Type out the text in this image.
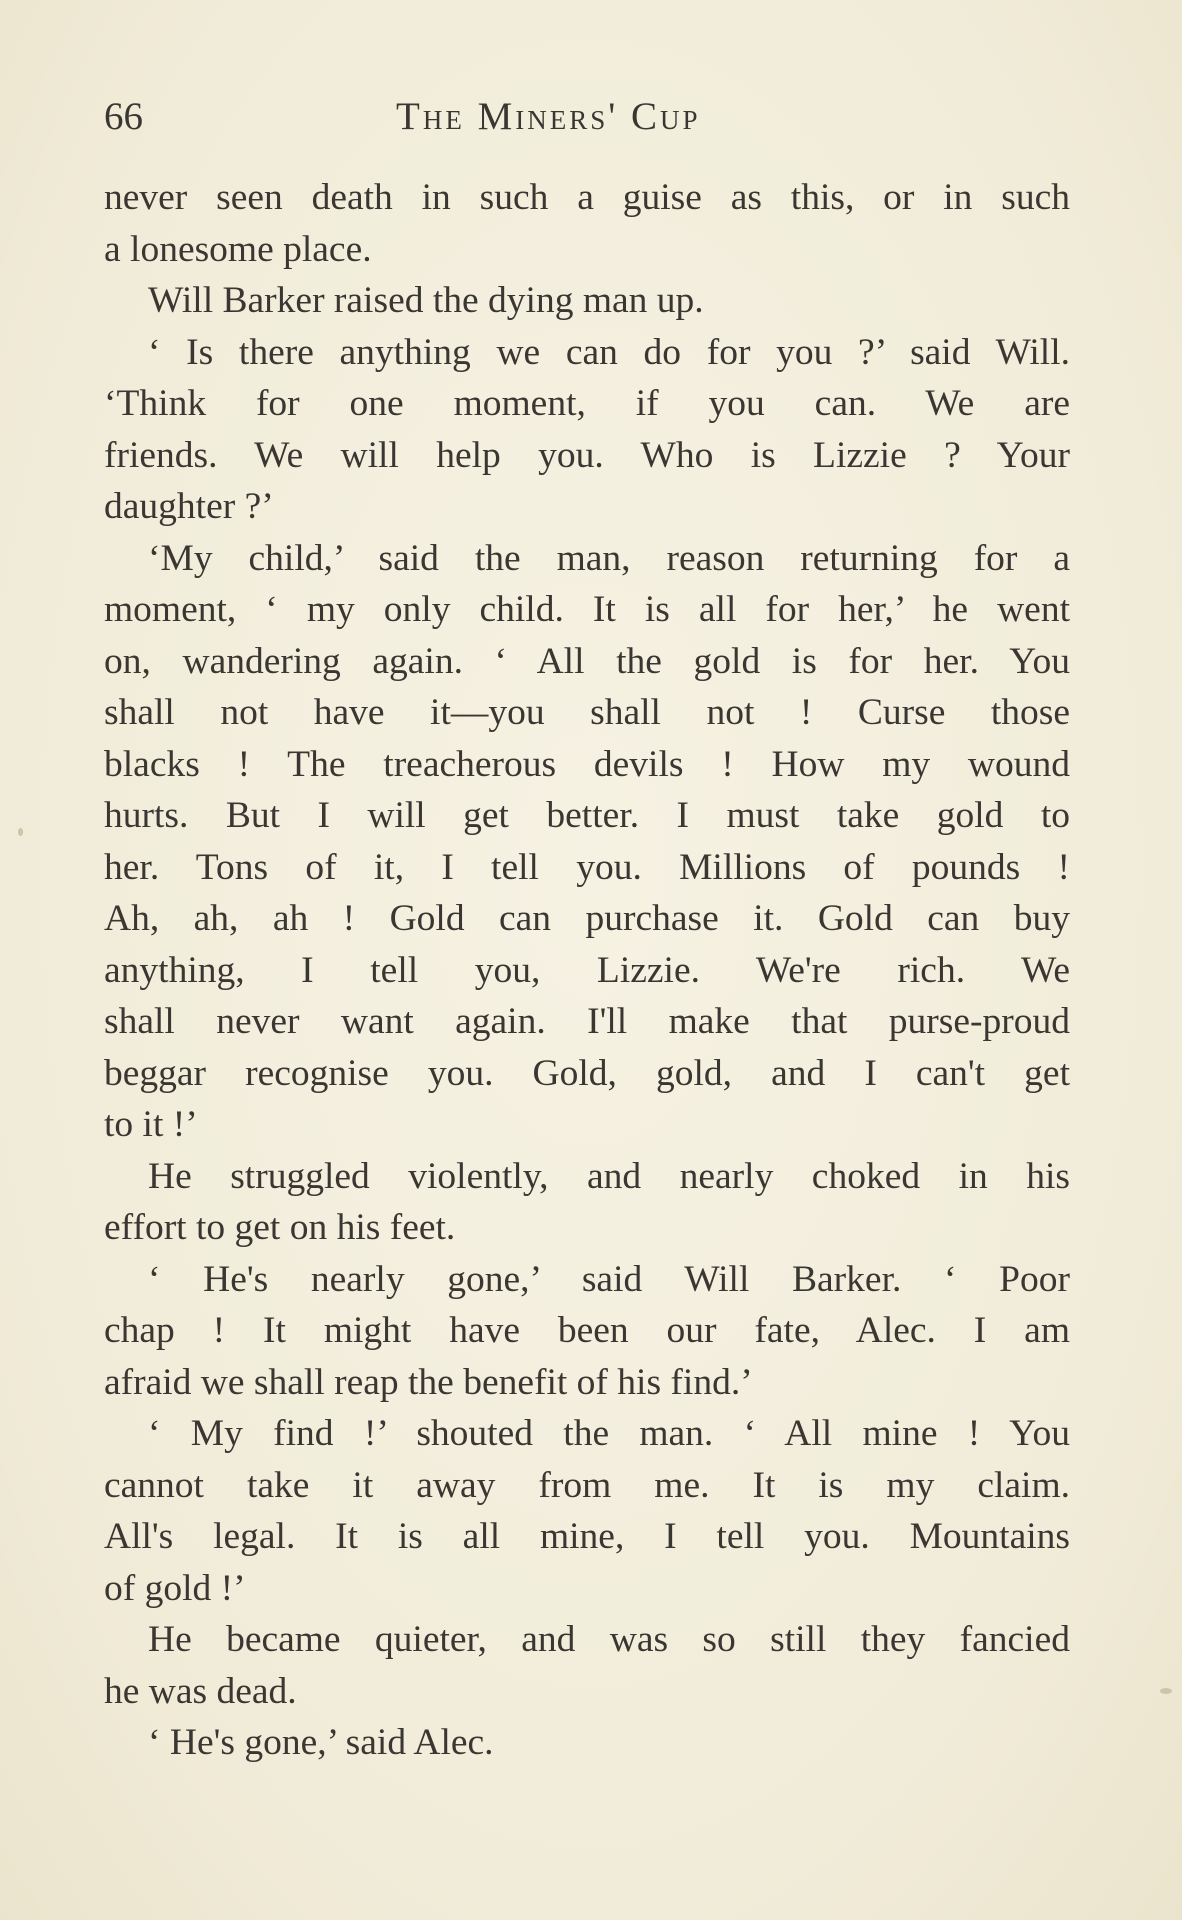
66	The Miners' Cup
never seen death in such a guise as this, or in such
a lonesome place.
Will Barker raised the dying man up.
‘ Is there anything we can do for you ?’ said Will.
‘Think for one moment, if you can. We are
friends. We will help you. Who is Lizzie ? Your
daughter ?’
‘My child,’ said the man, reason returning for a
moment, ‘ my only child. It is all for her,’ he went
on, wandering again. ‘ All the gold is for her. You
shall not have it—you shall not ! Curse those
blacks ! The treacherous devils ! How my wound
hurts. But I will get better. I must take gold to
her. Tons of it, I tell you. Millions of pounds !
Ah, ah, ah ! Gold can purchase it. Gold can buy
anything, I tell you, Lizzie. We're rich. We
shall never want again. I'll make that purse-proud
beggar recognise you. Gold, gold, and I can't get
to it !’
He struggled violently, and nearly choked in his
effort to get on his feet.
‘ He's nearly gone,’ said Will Barker. ‘ Poor
chap ! It might have been our fate, Alec. I am
afraid we shall reap the benefit of his find.’
‘ My find !’ shouted the man. ‘ All mine ! You
cannot take it away from me. It is my claim.
All's legal. It is all mine, I tell you. Mountains
of gold !’
He became quieter, and was so still they fancied
he was dead.
‘ He's gone,’ said Alec.
